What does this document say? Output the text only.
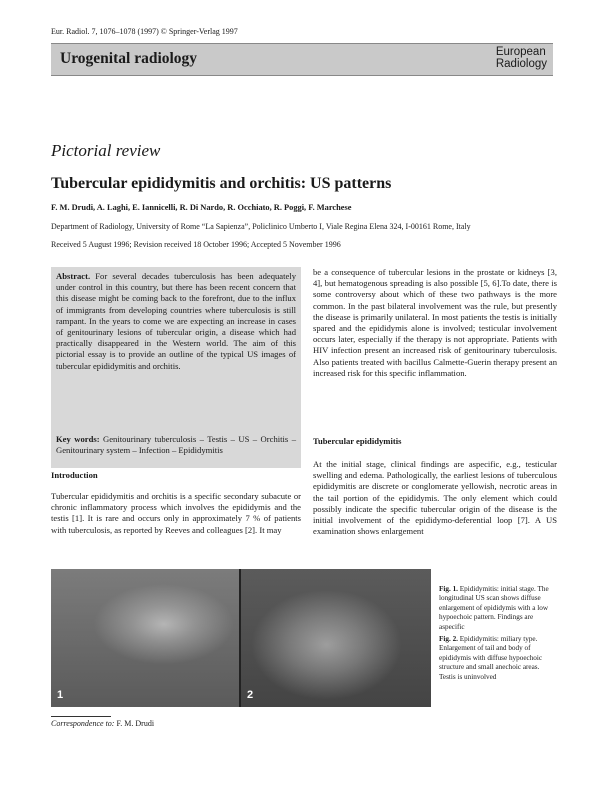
Eur. Radiol. 7, 1076–1078 (1997) © Springer-Verlag 1997
Urogenital radiology	European
Radiology
Pictorial review
Tubercular epididymitis and orchitis: US patterns
F. M. Drudi, A. Laghi, E. Iannicelli, R. Di Nardo, R. Occhiato, R. Poggi, F. Marchese
Department of Radiology, University of Rome “La Sapienza”, Policlinico Umberto I, Viale Regina Elena 324, I-00161 Rome, Italy
Received 5 August 1996; Revision received 18 October 1996; Accepted 5 November 1996
Abstract. For several decades tuberculosis has been adequately under control in this country, but there has been recent concern that this disease might be coming back to the forefront, due to the influx of immigrants from developing countries where tuberculosis is still rampant. In the years to come we are expecting an increase in cases of genitourinary lesions of tubercular origin, a disease which had practically disappeared in the Western world. The aim of this pictorial essay is to provide an outline of the typical US images of tubercular epididymitis and orchitis.
Key words: Genitourinary tuberculosis – Testis – US – Orchitis – Genitourinary system – Infection – Epididymitis
Introduction
Tubercular epididymitis and orchitis is a specific secondary subacute or chronic inflammatory process which involves the epididymis and the testis [1]. It is rare and occurs only in approximately 7 % of patients with tuberculosis, as reported by Reeves and colleagues [2]. It may
be a consequence of tubercular lesions in the prostate or kidneys [3, 4], but hematogenous spreading is also possible [5, 6].To date, there is some controversy about which of these two pathways is the more common. In the past bilateral involvement was the rule, but presently the disease is primarily unilateral. In most patients the testis is initially spared and the epididymis alone is involved; testicular involvement occurs later, especially if the therapy is not appropriate. Patients with HIV infection present an increased risk of genitourinary tuberculosis. Also patients treated with bacillus Calmette-Guerin therapy present an increased risk for this specific inflammation.
Tubercular epididymitis
At the initial stage, clinical findings are aspecific, e.g., testicular swelling and edema. Pathologically, the earliest lesions of tuberculous epididymitis are discrete or conglomerate yellowish, necrotic areas in the tail portion of the epididymis. The only element which could possibly indicate the specific tubercular origin of the disease is the initial involvement of the epididymo-deferential loop [7]. A US examination shows enlargement
1	2

Fig. 1. Epididymitis: initial stage. The longitudinal US scan shows diffuse enlargement of epididymis with a low hypoechoic pattern. Findings are aspecific

Fig. 2. Epididymitis: miliary type. Enlargement of tail and body of epididymis with diffuse hypoechoic structure and small anechoic areas. Testis is uninvolved

Correspondence to: F. M. Drudi
